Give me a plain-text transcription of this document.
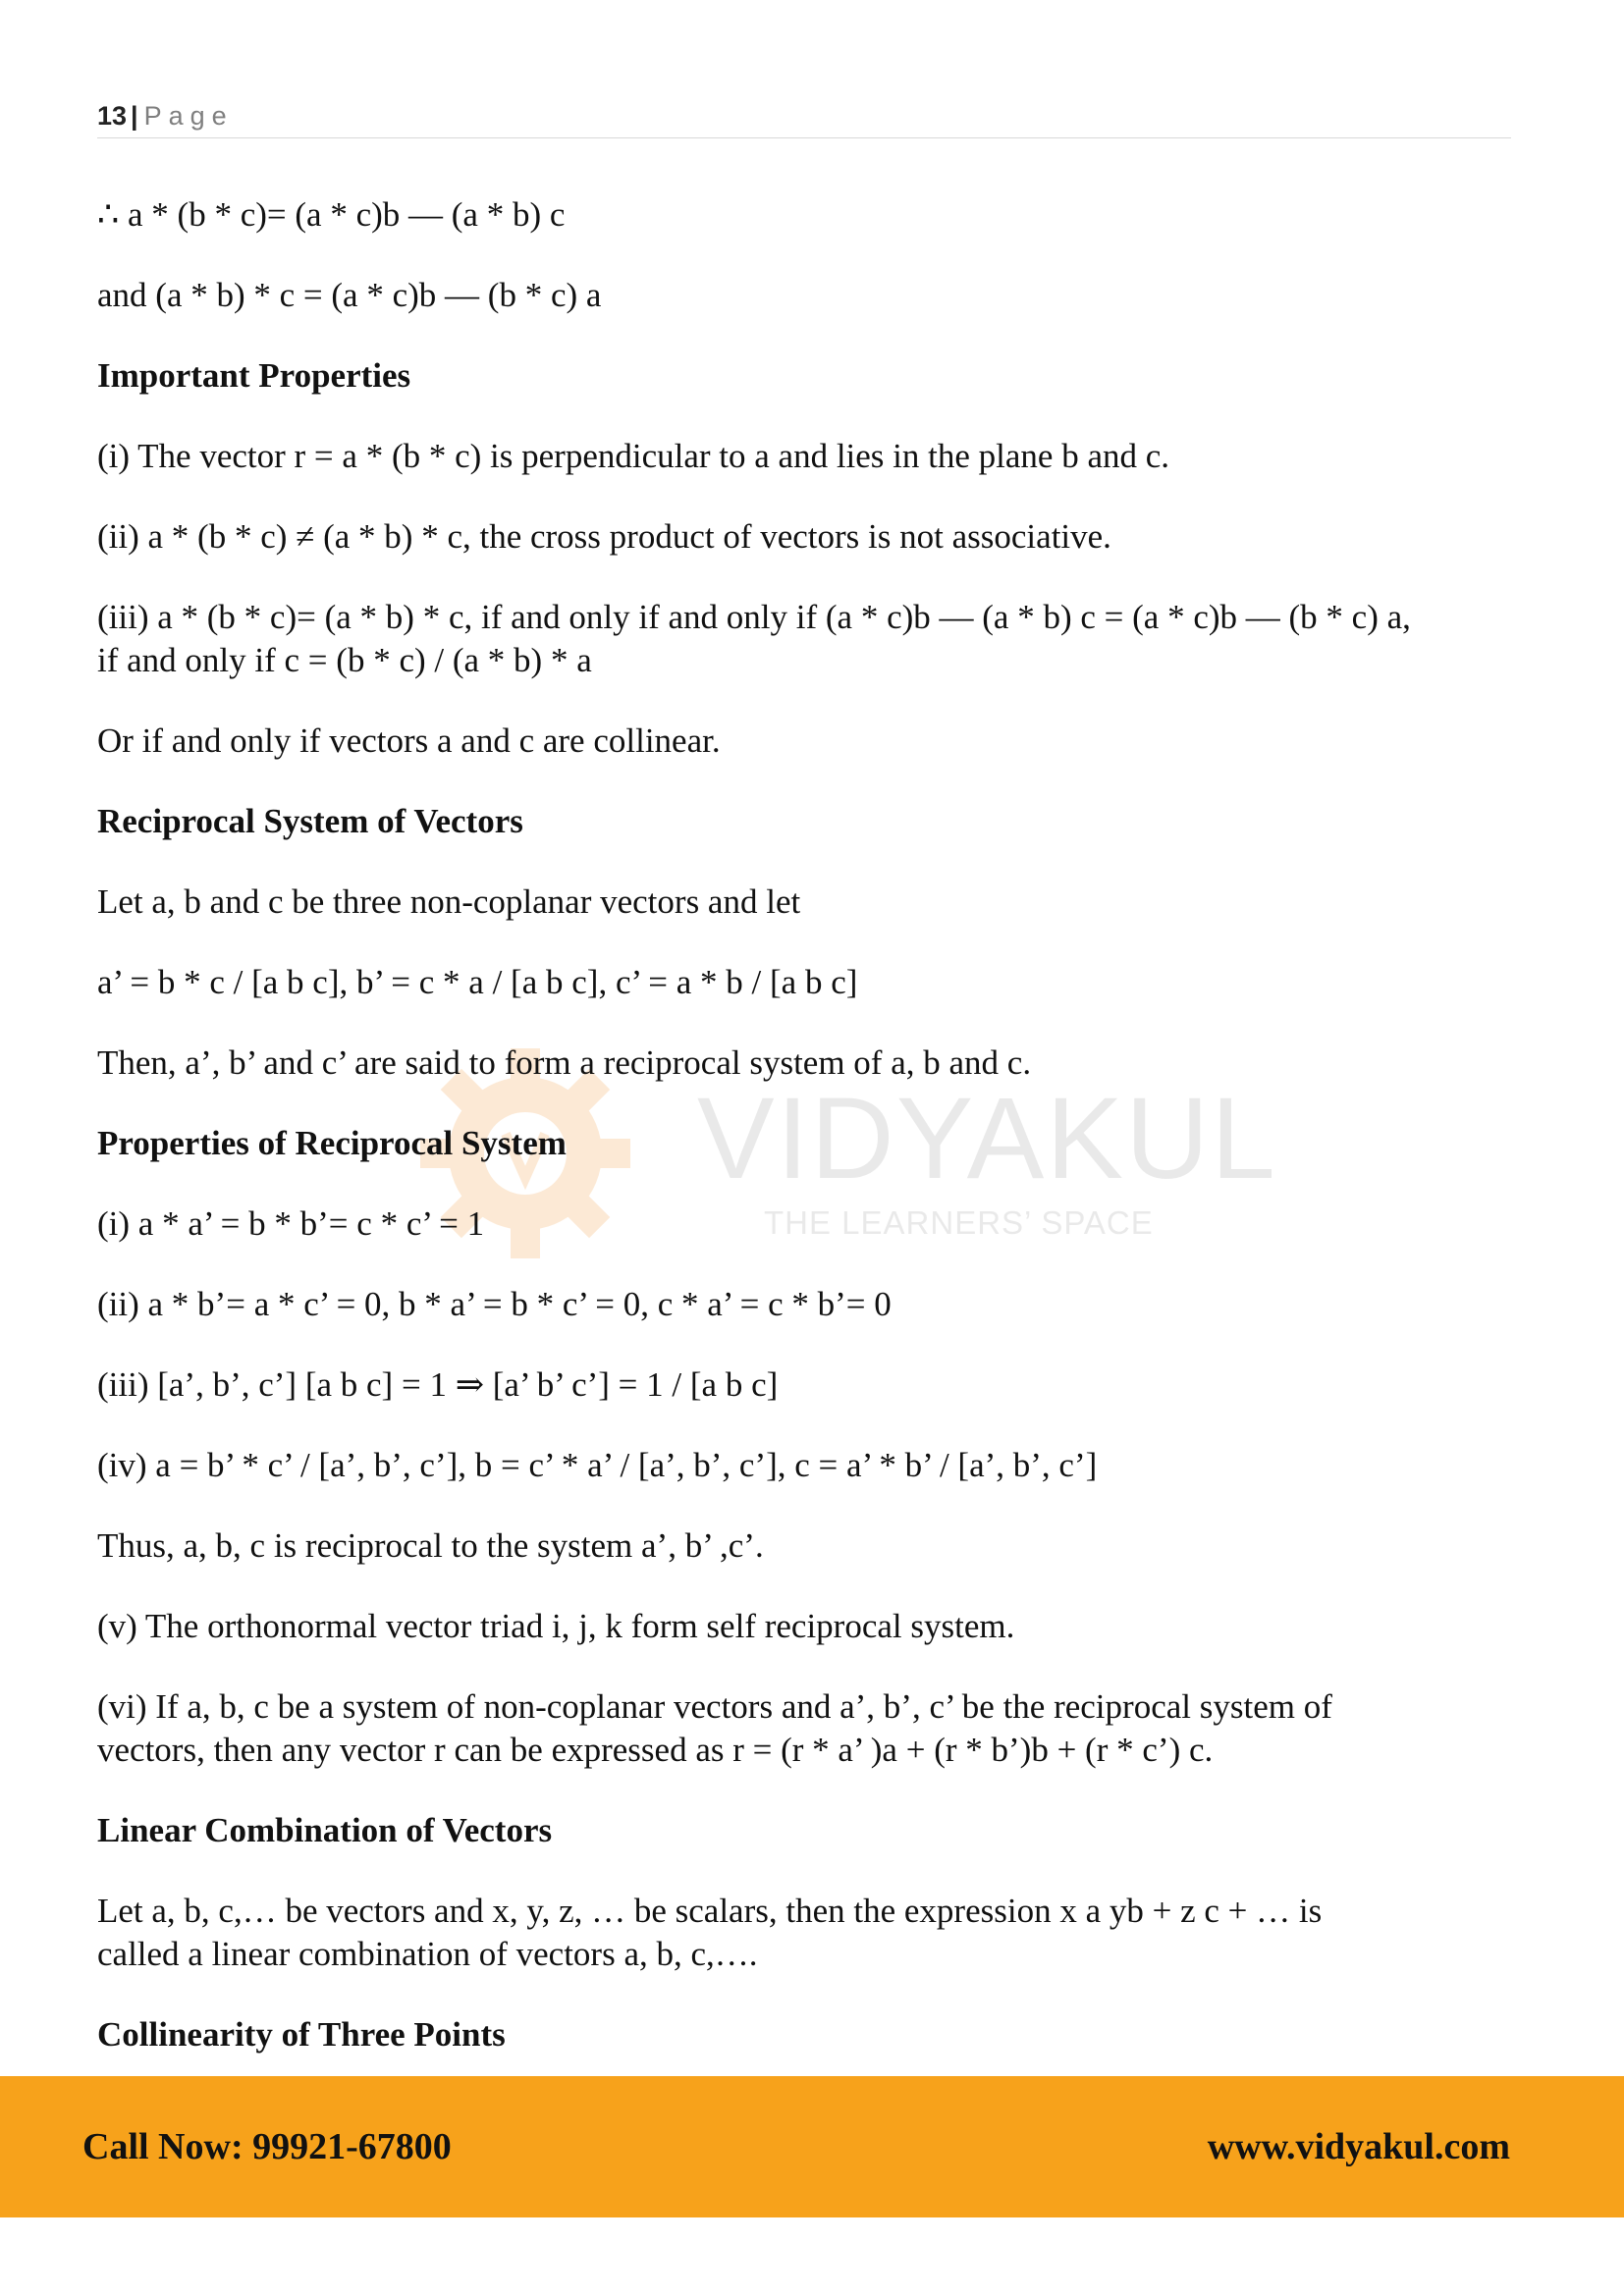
13 | Page
VIDYAKUL
THE LEARNERS’ SPACE

∴ a * (b * c)= (a * c)b — (a * b) c

and (a * b) * c = (a * c)b — (b * c) a

Important Properties

(i) The vector r = a * (b * c) is perpendicular to a and lies in the plane b and c.

(ii) a * (b * c) ≠ (a * b) * c, the cross product of vectors is not associative.

(iii) a * (b * c)= (a * b) * c, if and only if and only if (a * c)b — (a * b) c = (a * c)b — (b * c) a,
if and only if c = (b * c) / (a * b) * a

Or if and only if vectors a and c are collinear.

Reciprocal System of Vectors

Let a, b and c be three non-coplanar vectors and let

a’ = b * c / [a b c], b’ = c * a / [a b c], c’ = a * b / [a b c]

Then, a’, b’ and c’ are said to form a reciprocal system of a, b and c.

Properties of Reciprocal System

(i) a * a’ = b * b’= c * c’ = 1

(ii) a * b’= a * c’ = 0, b * a’ = b * c’ = 0, c * a’ = c * b’= 0

(iii) [a’, b’, c’] [a b c] = 1 ⇒ [a’ b’ c’] = 1 / [a b c]

(iv) a = b’ * c’ / [a’, b’, c’], b = c’ * a’ / [a’, b’, c’], c = a’ * b’ / [a’, b’, c’]

Thus, a, b, c is reciprocal to the system a’, b’ ,c’.

(v) The orthonormal vector triad i, j, k form self reciprocal system.

(vi) If a, b, c be a system of non-coplanar vectors and a’, b’, c’ be the reciprocal system of
vectors, then any vector r can be expressed as r = (r * a’ )a + (r * b’)b + (r * c’) c.

Linear Combination of Vectors

Let a, b, c,… be vectors and x, y, z, … be scalars, then the expression x a yb + z c + … is
called a linear combination of vectors a, b, c,….

Collinearity of Three Points
Call Now: 99921-67800	www.vidyakul.com
